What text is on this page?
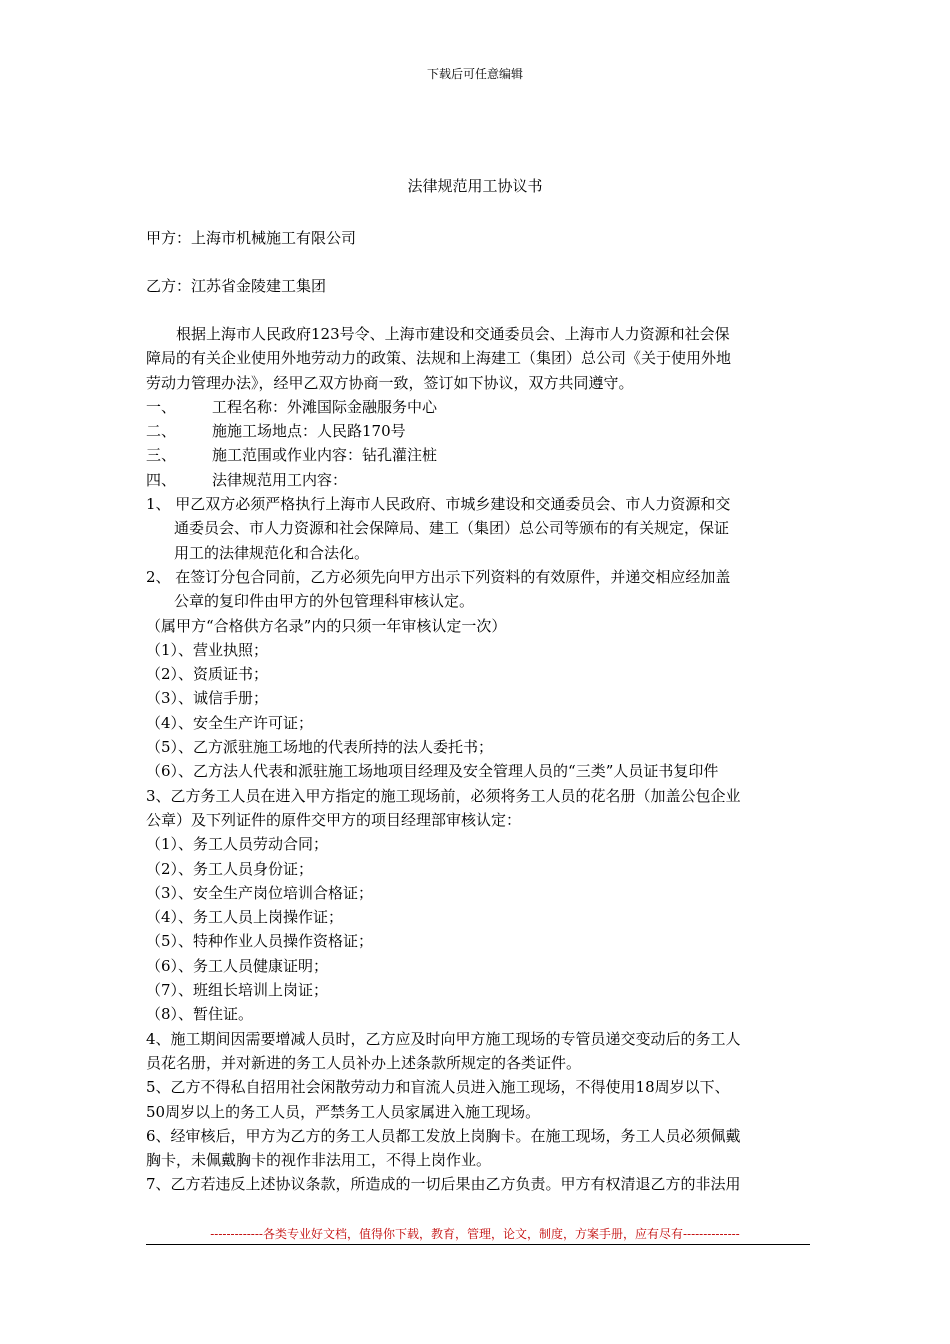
下载后可任意编辑
法律规范用工协议书
甲方：上海市机械施工有限公司
乙方：江苏省金陵建工集团
根据上海市人民政府123号令、上海市建设和交通委员会、上海市人力资源和社会保
障局的有关企业使用外地劳动力的政策、法规和上海建工（集团）总公司《关于使用外地
劳动力管理办法》，经甲乙双方协商一致，签订如下协议，双方共同遵守。
一、 工程名称：外滩国际金融服务中心
二、 施施工场地点：人民路170号
三、 施工范围或作业内容：钻孔灌注桩
四、 法律规范用工内容：
1、 甲乙双方必须严格执行上海市人民政府、市城乡建设和交通委员会、市人力资源和交
通委员会、市人力资源和社会保障局、建工（集团）总公司等颁布的有关规定，保证
用工的法律规范化和合法化。
2、 在签订分包合同前，乙方必须先向甲方出示下列资料的有效原件，并递交相应经加盖
公章的复印件由甲方的外包管理科审核认定。
（属甲方“合格供方名录”内的只须一年审核认定一次）
（1）、营业执照；
（2）、资质证书；
（3）、诚信手册；
（4）、安全生产许可证；
（5）、乙方派驻施工场地的代表所持的法人委托书；
（6）、乙方法人代表和派驻施工场地项目经理及安全管理人员的“三类”人员证书复印件
3、乙方务工人员在进入甲方指定的施工现场前，必须将务工人员的花名册（加盖公包企业
公章）及下列证件的原件交甲方的项目经理部审核认定：
（1）、务工人员劳动合同；
（2）、务工人员身份证；
（3）、安全生产岗位培训合格证；
（4）、务工人员上岗操作证；
（5）、特种作业人员操作资格证；
（6）、务工人员健康证明；
（7）、班组长培训上岗证；
（8）、暂住证。
4、施工期间因需要增减人员时，乙方应及时向甲方施工现场的专管员递交变动后的务工人
员花名册，并对新进的务工人员补办上述条款所规定的各类证件。
5、乙方不得私自招用社会闲散劳动力和盲流人员进入施工现场，不得使用18周岁以下、
50周岁以上的务工人员，严禁务工人员家属进入施工现场。
6、经审核后，甲方为乙方的务工人员都工发放上岗胸卡。在施工现场，务工人员必须佩戴
胸卡，未佩戴胸卡的视作非法用工，不得上岗作业。
7、乙方若违反上述协议条款，所造成的一切后果由乙方负责。甲方有权清退乙方的非法用
-------------各类专业好文档，值得你下载，教育，管理，论文，制度，方案手册，应有尽有--------------
